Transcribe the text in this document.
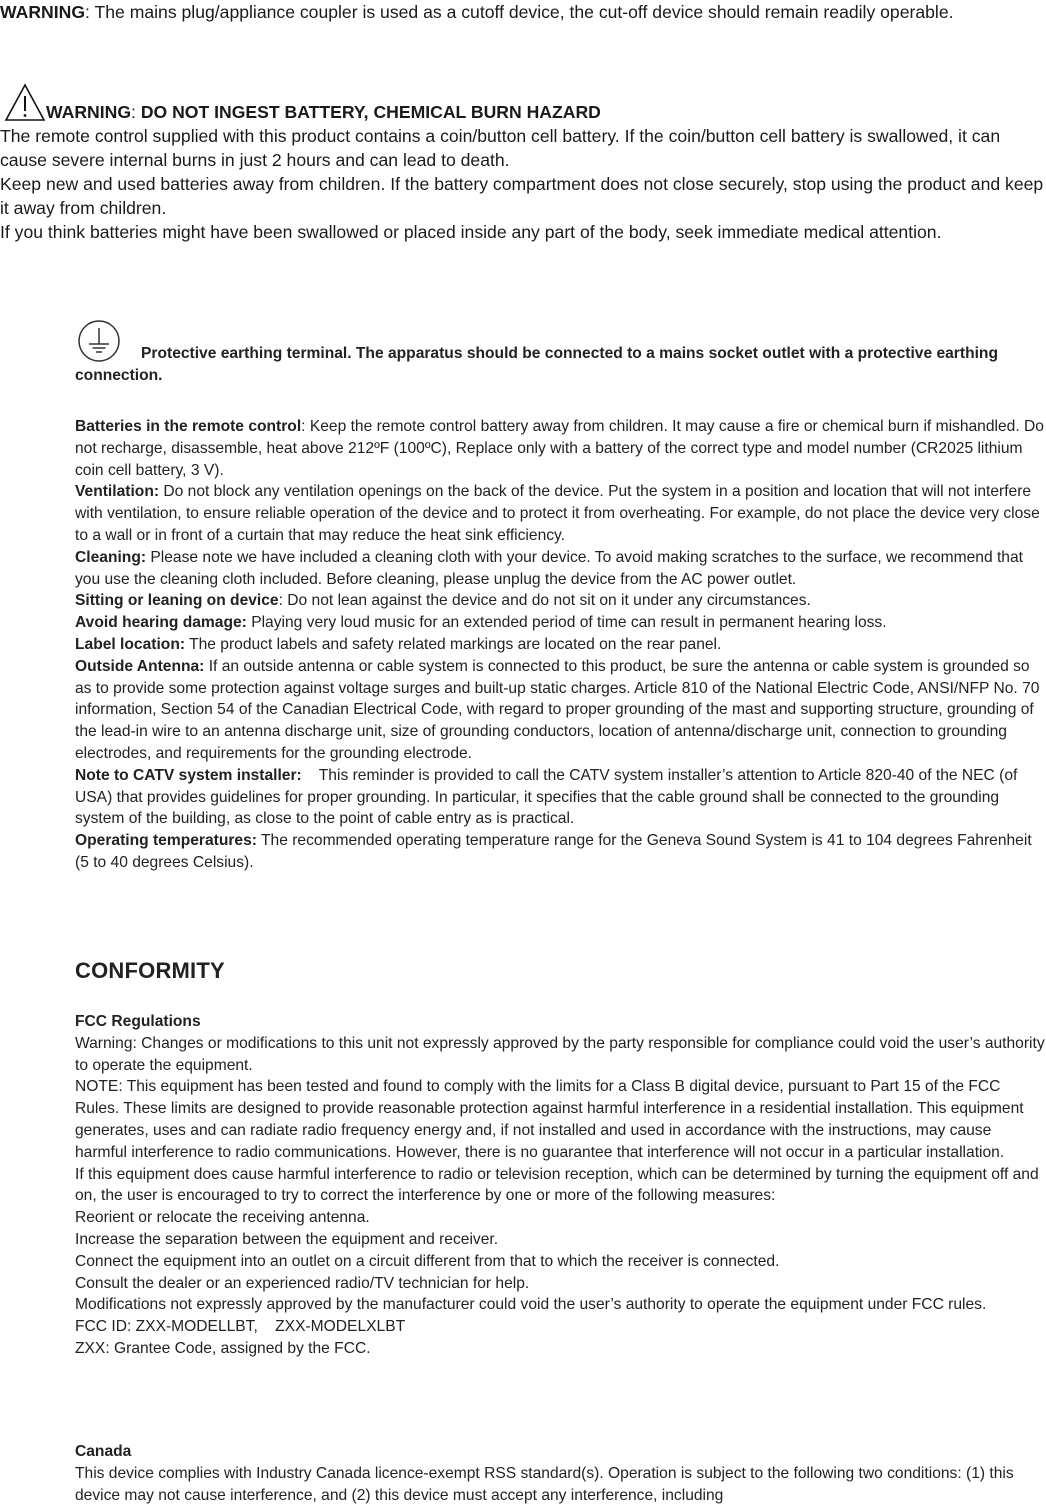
WARNING: The mains plug/appliance coupler is used as a cutoff device, the cut-off device should remain readily operable.

WARNING : DO NOT INGEST BATTERY, CHEMICAL BURN HAZARD

The remote control supplied with this product contains a coin/button cell battery. If the coin/button cell battery is swallowed, it can cause severe internal burns in just 2 hours and can lead to death.

Keep new and used batteries away from children. If the battery compartment does not close securely, stop using the product and keep it away from children.

If you think batteries might have been swallowed or placed inside any part of the body, seek immediate medical attention.

Protective earthing terminal. The apparatus should be connected to a mains socket outlet with a protective earthing connection.

Batteries in the remote control: Keep the remote control battery away from children. It may cause a fire or chemical burn if mishandled. Do not recharge, disassemble, heat above 212ºF (100ºC), Replace only with a battery of the correct type and model number (CR2025 lithium coin cell battery, 3 V).

Ventilation: Do not block any ventilation openings on the back of the device. Put the system in a position and location that will not interfere with ventilation, to ensure reliable operation of the device and to protect it from overheating. For example, do not place the device very close to a wall or in front of a curtain that may reduce the heat sink efficiency.

Cleaning: Please note we have included a cleaning cloth with your device. To avoid making scratches to the surface, we recommend that you use the cleaning cloth included. Before cleaning, please unplug the device from the AC power outlet.

Sitting or leaning on device: Do not lean against the device and do not sit on it under any circumstances.

Avoid hearing damage: Playing very loud music for an extended period of time can result in permanent hearing loss.

Label location: The product labels and safety related markings are located on the rear panel.

Outside Antenna: If an outside antenna or cable system is connected to this product, be sure the antenna or cable system is grounded so as to provide some protection against voltage surges and built-up static charges. Article 810 of the National Electric Code, ANSI/NFP No. 70 information, Section 54 of the Canadian Electrical Code, with regard to proper grounding of the mast and supporting structure, grounding of the lead-in wire to an antenna discharge unit, size of grounding conductors, location of antenna/discharge unit, connection to grounding electrodes, and requirements for the grounding electrode.

Note to CATV system installer:    This reminder is provided to call the CATV system installer’s attention to Article 820-40 of the NEC (of USA) that provides guidelines for proper grounding. In particular, it specifies that the cable ground shall be connected to the grounding system of the building, as close to the point of cable entry as is practical.

Operating temperatures: The recommended operating temperature range for the Geneva Sound System is 41 to 104 degrees Fahrenheit (5 to 40 degrees Celsius).

CONFORMITY

FCC Regulations

Warning: Changes or modifications to this unit not expressly approved by the party responsible for compliance could void the user’s authority to operate the equipment.

NOTE: This equipment has been tested and found to comply with the limits for a Class B digital device, pursuant to Part 15 of the FCC Rules. These limits are designed to provide reasonable protection against harmful interference in a residential installation. This equipment generates, uses and can radiate radio frequency energy and, if not installed and used in accordance with the instructions, may cause harmful interference to radio communications. However, there is no guarantee that interference will not occur in a particular installation.

If this equipment does cause harmful interference to radio or television reception, which can be determined by turning the equipment off and on, the user is encouraged to try to correct the interference by one or more of the following measures:

Reorient or relocate the receiving antenna.

Increase the separation between the equipment and receiver.

Connect the equipment into an outlet on a circuit different from that to which the receiver is connected.

Consult the dealer or an experienced radio/TV technician for help.

Modifications not expressly approved by the manufacturer could void the user’s authority to operate the equipment under FCC rules.

FCC ID: ZXX-MODELLBT,    ZXX-MODELXLBT

ZXX: Grantee Code, assigned by the FCC.

Canada

This device complies with Industry Canada licence-exempt RSS standard(s). Operation is subject to the following two conditions: (1) this device may not cause interference, and (2) this device must accept any interference, including
